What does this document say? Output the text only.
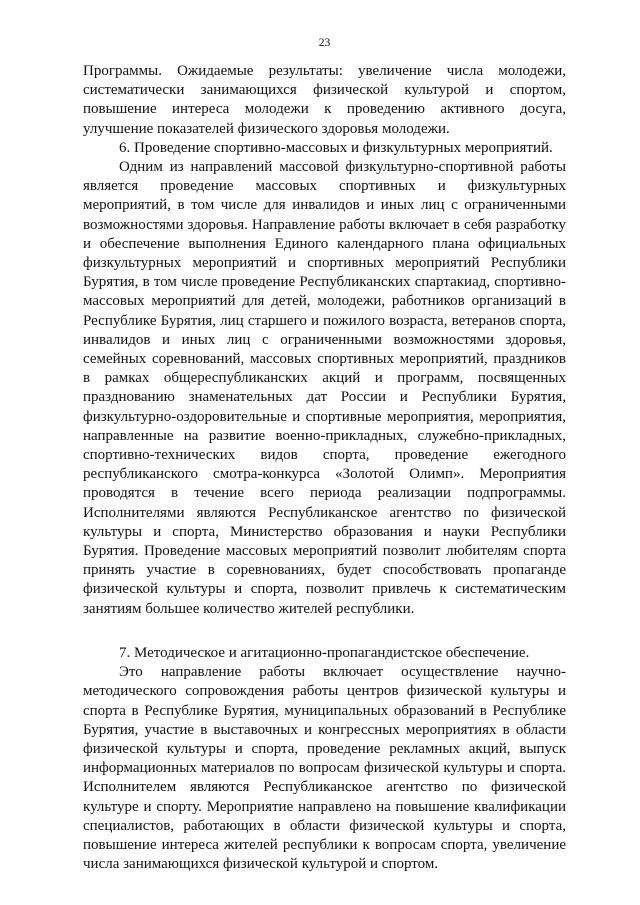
23

Программы. Ожидаемые результаты: увеличение числа молодежи, систематически занимающихся физической культурой и спортом, повышение интереса молодежи к проведению активного досуга, улучшение показателей физического здоровья молодежи.

6. Проведение спортивно-массовых и физкультурных мероприятий.

Одним из направлений массовой физкультурно-спортивной работы является проведение массовых спортивных и физкультурных мероприятий, в том числе для инвалидов и иных лиц с ограниченными возможностями здоровья. Направление работы включает в себя разработку и обеспечение выполнения Единого календарного плана официальных физкультурных мероприятий и спортивных мероприятий Республики Бурятия, в том числе проведение Республиканских спартакиад, спортивно-массовых мероприятий для детей, молодежи, работников организаций в Республике Бурятия, лиц старшего и пожилого возраста, ветеранов спорта, инвалидов и иных лиц с ограниченными возможностями здоровья, семейных соревнований, массовых спортивных мероприятий, праздников в рамках общереспубликанских акций и программ, посвященных празднованию знаменательных дат России и Республики Бурятия, физкультурно-оздоровительные и спортивные мероприятия, мероприятия, направленные на развитие военно-прикладных, служебно-прикладных, спортивно-технических видов спорта, проведение ежегодного республиканского смотра-конкурса «Золотой Олимп». Мероприятия проводятся в течение всего периода реализации подпрограммы. Исполнителями являются Республиканское агентство по физической культуры и спорта, Министерство образования и науки Республики Бурятия. Проведение массовых мероприятий позволит любителям спорта принять участие в соревнованиях, будет способствовать пропаганде физической культуры и спорта, позволит привлечь к систематическим занятиям большее количество жителей республики.

7. Методическое и агитационно-пропагандистское обеспечение.

Это направление работы включает осуществление научно-методического сопровождения работы центров физической культуры и спорта в Республике Бурятия, муниципальных образований в Республике Бурятия, участие в выставочных и конгрессных мероприятиях в области физической культуры и спорта, проведение рекламных акций, выпуск информационных материалов по вопросам физической культуры и спорта. Исполнителем являются Республиканское агентство по физической культуре и спорту. Мероприятие направлено на повышение квалификации специалистов, работающих в области физической культуры и спорта, повышение интереса жителей республики к вопросам спорта, увеличение числа занимающихся физической культурой и спортом.
